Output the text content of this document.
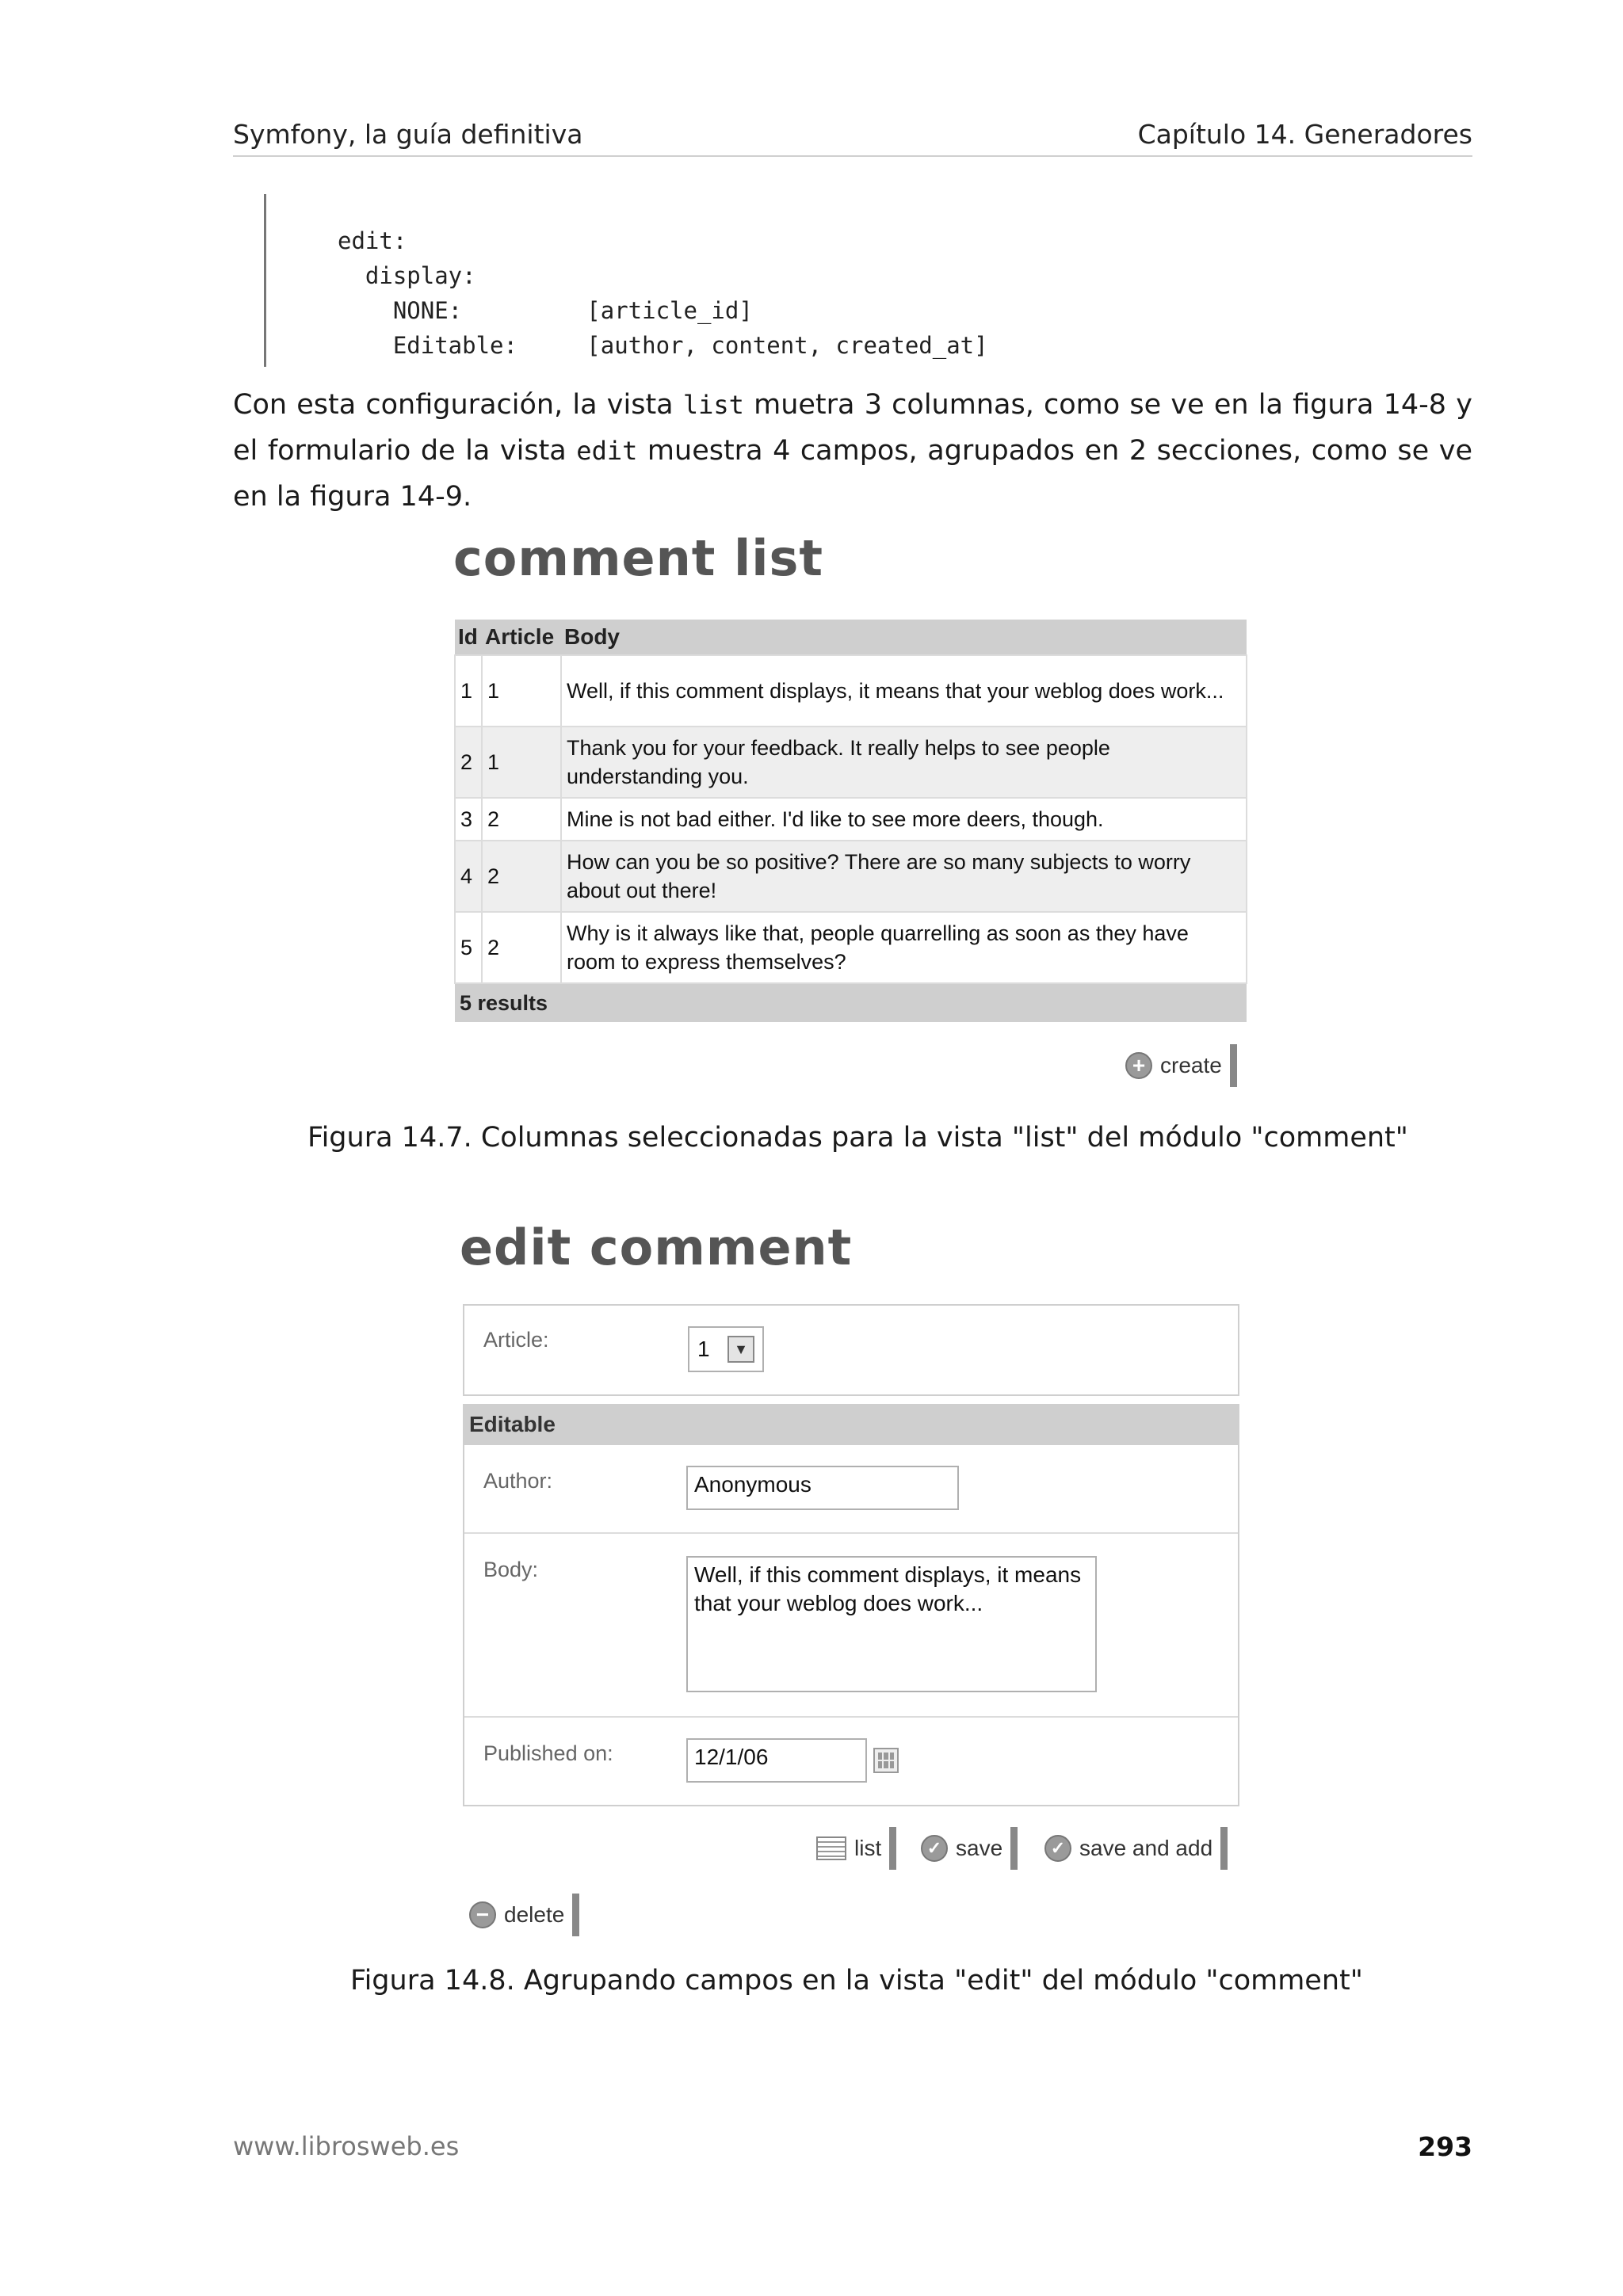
Symfony, la guía definitiva	Capítulo 14. Generadores
edit:
display:
NONE:         [article_id]
Editable:     [author, content, created_at]
Con esta configuración, la vista list muetra 3 columnas, como se ve en la figura 14-8 y el formulario de la vista edit muestra 4 campos, agrupados en 2 secciones, como se ve en la figura 14-9.
comment list
Id	Article	Body
1	1	Well, if this comment displays, it means that your weblog does work...
2	1	Thank you for your feedback. It really helps to see people understanding you.
3	2	Mine is not bad either. I'd like to see more deers, though.
4	2	How can you be so positive? There are so many subjects to worry about out there!
5	2	Why is it always like that, people quarrelling as soon as they have room to express themselves?
5 results		
+ create
Figura 14.7. Columnas seleccionadas para la vista "list" del módulo "comment"
edit comment
Article:	1	▼
Editable
Author:	Anonymous
Body:	Well, if this comment displays, it means that your weblog does work...
Published on:	12/1/06
list	✓ save	✓ save and add
− delete
Figura 14.8. Agrupando campos en la vista "edit" del módulo "comment"
www.librosweb.es	293
